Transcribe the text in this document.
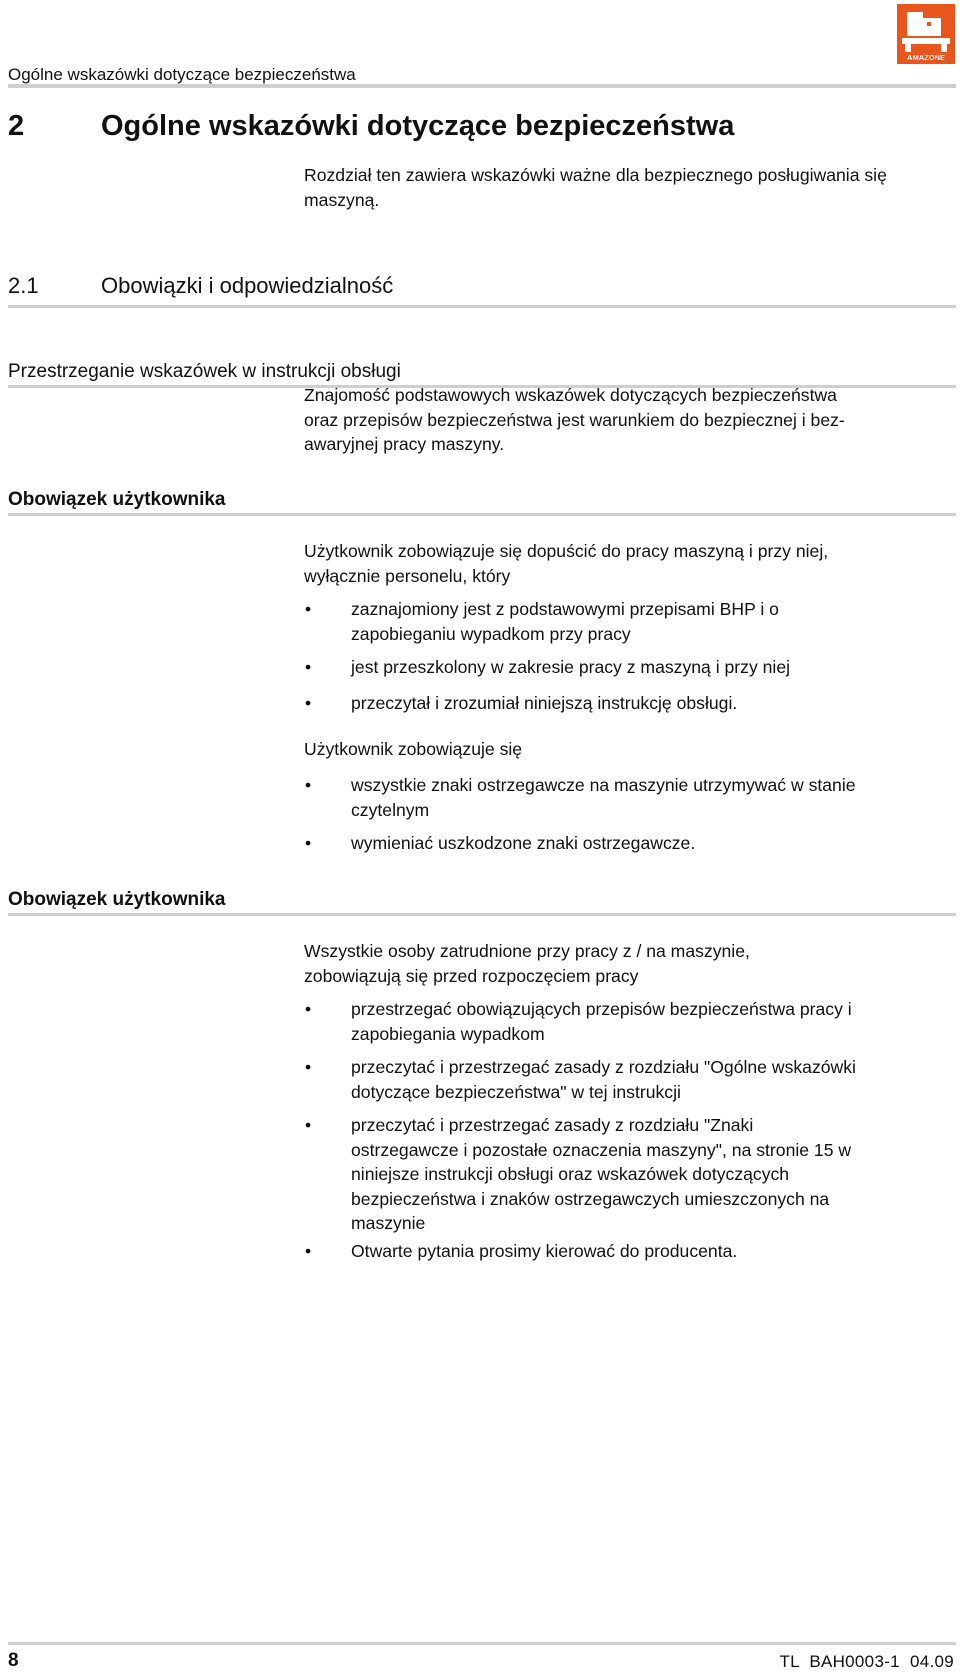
Ogólne wskazówki dotyczące bezpieczeństwa
AMAZONE
2	Ogólne wskazówki dotyczące bezpieczeństwa
Rozdział ten zawiera wskazówki ważne dla bezpiecznego posługiwania się maszyną.
2.1	Obowiązki i odpowiedzialność
Przestrzeganie wskazówek w instrukcji obsługi
Znajomość podstawowych wskazówek dotyczących bezpieczeństwa
oraz przepisów bezpieczeństwa jest warunkiem do bezpiecznej i bez-
awaryjnej pracy maszyny.
Obowiązek użytkownika
Użytkownik zobowiązuje się dopuścić do pracy maszyną i przy niej,
wyłącznie personelu, który
• zaznajomiony jest z podstawowymi przepisami BHP i o
zapobieganiu wypadkom przy pracy
• jest przeszkolony w zakresie pracy z maszyną i przy niej
• przeczytał i zrozumiał niniejszą instrukcję obsługi.
Użytkownik zobowiązuje się
• wszystkie znaki ostrzegawcze na maszynie utrzymywać w stanie
czytelnym
• wymieniać uszkodzone znaki ostrzegawcze.
Obowiązek użytkownika
Wszystkie osoby zatrudnione przy pracy z / na maszynie,
zobowiązują się przed rozpoczęciem pracy
• przestrzegać obowiązujących przepisów bezpieczeństwa pracy i
zapobiegania wypadkom
• przeczytać i przestrzegać zasady z rozdziału "Ogólne wskazówki
dotyczące bezpieczeństwa" w tej instrukcji
• przeczytać i przestrzegać zasady z rozdziału "Znaki
ostrzegawcze i pozostałe oznaczenia maszyny", na stronie 15 w
niniejsze instrukcji obsługi oraz wskazówek dotyczących
bezpieczeństwa i znaków ostrzegawczych umieszczonych na
maszynie
• Otwarte pytania prosimy kierować do producenta.
8	TL  BAH0003-1  04.09
